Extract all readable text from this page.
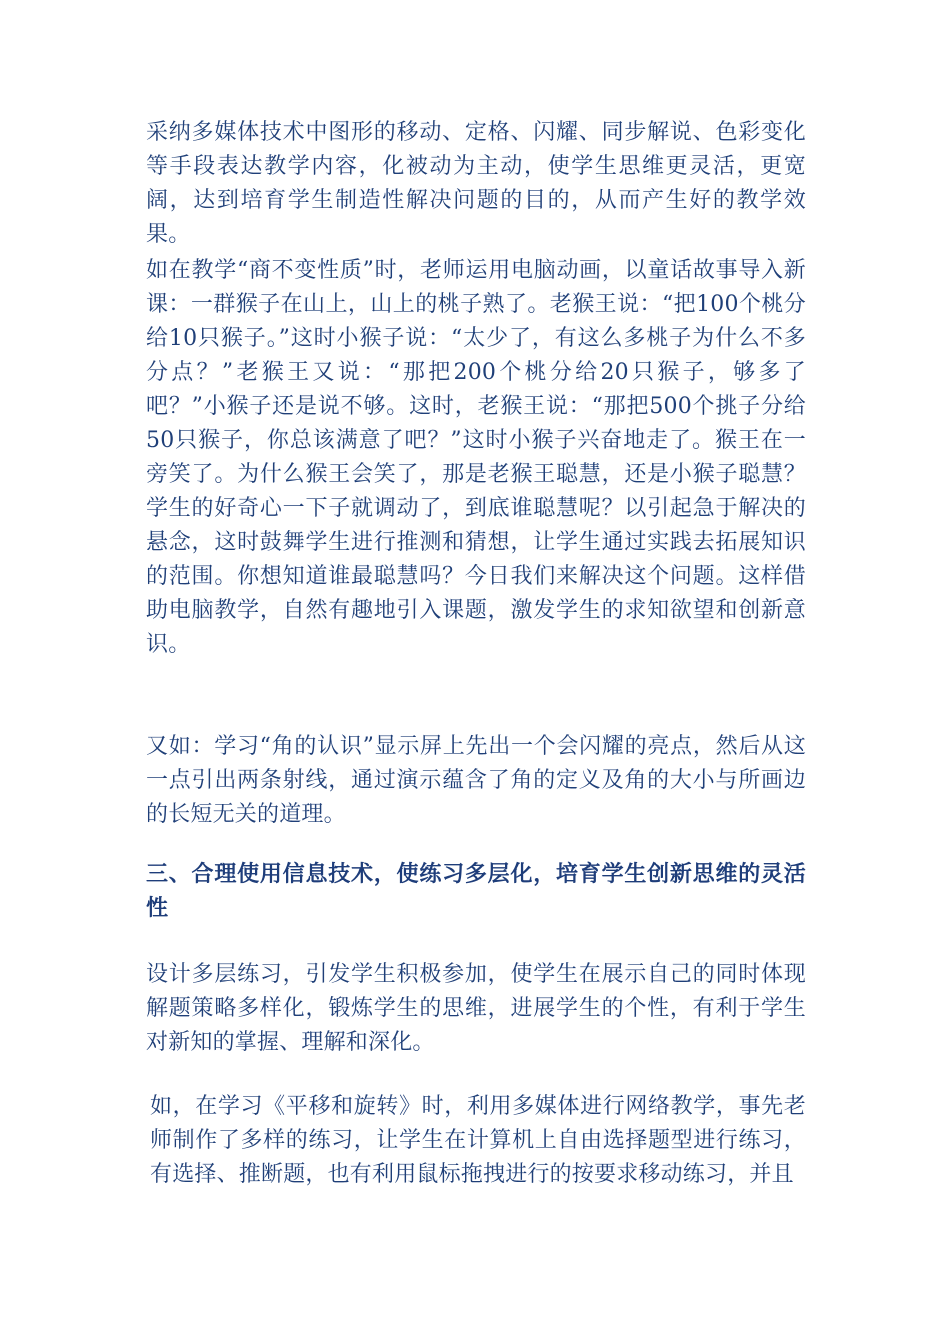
采纳多媒体技术中图形的移动、定格、闪耀、同步解说、色彩变化等手段表达教学内容，化被动为主动，使学生思维更灵活，更宽阔，达到培育学生制造性解决问题的目的，从而产生好的教学效果。

如在教学“商不变性质”时，老师运用电脑动画，以童话故事导入新课：一群猴子在山上，山上的桃子熟了。老猴王说：“把100个桃分给10只猴子。”这时小猴子说：“太少了，有这么多桃子为什么不多分点？”老猴王又说：“那把200个桃分给20只猴子，够多了吧？”小猴子还是说不够。这时，老猴王说：“那把500个挑子分给50只猴子，你总该满意了吧？”这时小猴子兴奋地走了。猴王在一旁笑了。为什么猴王会笑了，那是老猴王聪慧，还是小猴子聪慧？学生的好奇心一下子就调动了，到底谁聪慧呢？以引起急于解决的悬念，这时鼓舞学生进行推测和猜想，让学生通过实践去拓展知识的范围。你想知道谁最聪慧吗？今日我们来解决这个问题。这样借助电脑教学，自然有趣地引入课题，激发学生的求知欲望和创新意识。

又如：学习“角的认识”显示屏上先出一个会闪耀的亮点，然后从这一点引出两条射线，通过演示蕴含了角的定义及角的大小与所画边的长短无关的道理。

三、合理使用信息技术，使练习多层化，培育学生创新思维的灵活性

设计多层练习，引发学生积极参加，使学生在展示自己的同时体现解题策略多样化，锻炼学生的思维，进展学生的个性，有利于学生对新知的掌握、理解和深化。

如，在学习《平移和旋转》时，利用多媒体进行网络教学，事先老师制作了多样的练习，让学生在计算机上自由选择题型进行练习，有选择、推断题，也有利用鼠标拖拽进行的按要求移动练习，并且
